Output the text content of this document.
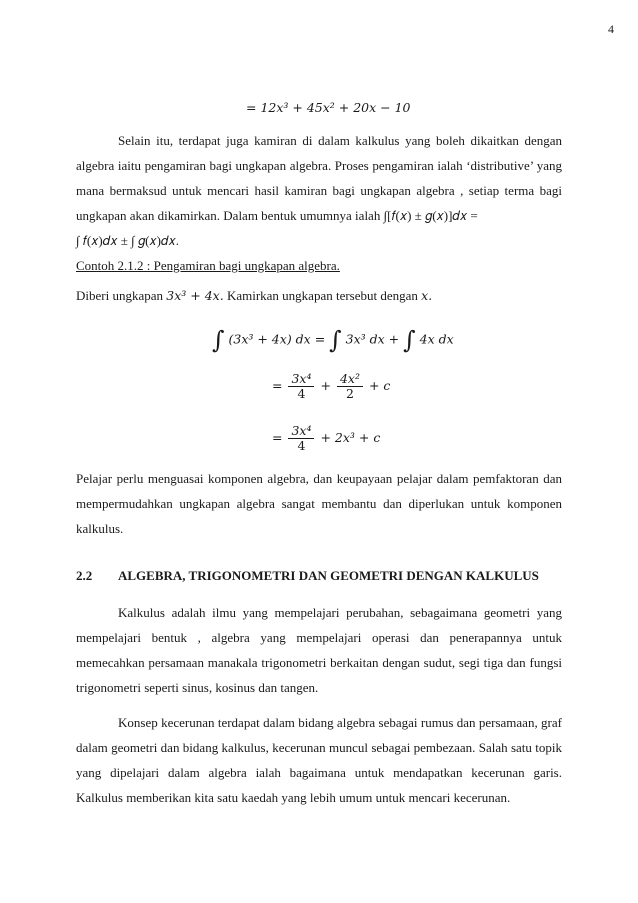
4
= 12𝑥³ + 45𝑥² + 20𝑥 − 10

Selain itu, terdapat juga kamiran di dalam kalkulus yang boleh dikaitkan dengan algebra iaitu pengamiran bagi ungkapan algebra. Proses pengamiran ialah ‘distributive’ yang mana bermaksud untuk mencari hasil kamiran bagi ungkapan algebra , setiap terma bagi ungkapan akan dikamirkan. Dalam bentuk umumnya ialah ∫[𝑓(𝑥) ± 𝑔(𝑥)]𝑑𝑥 =

∫ 𝑓(𝑥)𝑑𝑥 ± ∫ 𝑔(𝑥)𝑑𝑥.

Contoh 2.1.2 : Pengamiran bagi ungkapan algebra.
Diberi ungkapan 3𝑥³ + 4𝑥. Kamirkan ungkapan tersebut dengan 𝑥.
∫ (3𝑥³ + 4𝑥) 𝑑𝑥 = ∫ 3𝑥³ 𝑑𝑥 + ∫ 4𝑥 𝑑𝑥
= $\frac{\text{3𝑥⁴}}{4} + \frac{\text{4𝑥²}}{2}$ + 𝑐
= $\frac{\text{3𝑥⁴}}{4}$ + 2𝑥³ + 𝑐

Pelajar perlu menguasai komponen algebra, dan keupayaan pelajar dalam pemfaktoran dan mempermudahkan ungkapan algebra sangat membantu dan diperlukan untuk komponen kalkulus.

2.2 ALGEBRA, TRIGONOMETRI DAN GEOMETRI DENGAN KALKULUS

Kalkulus adalah ilmu yang mempelajari perubahan, sebagaimana geometri yang mempelajari bentuk , algebra yang mempelajari operasi dan penerapannya untuk memecahkan persamaan manakala trigonometri berkaitan dengan sudut, segi tiga dan fungsi trigonometri seperti sinus, kosinus dan tangen.

Konsep kecerunan terdapat dalam bidang algebra sebagai rumus dan persamaan, graf dalam geometri dan bidang kalkulus, kecerunan muncul sebagai pembezaan. Salah satu topik yang dipelajari dalam algebra ialah bagaimana untuk mendapatkan kecerunan garis. Kalkulus memberikan kita satu kaedah yang lebih umum untuk mencari kecerunan.
